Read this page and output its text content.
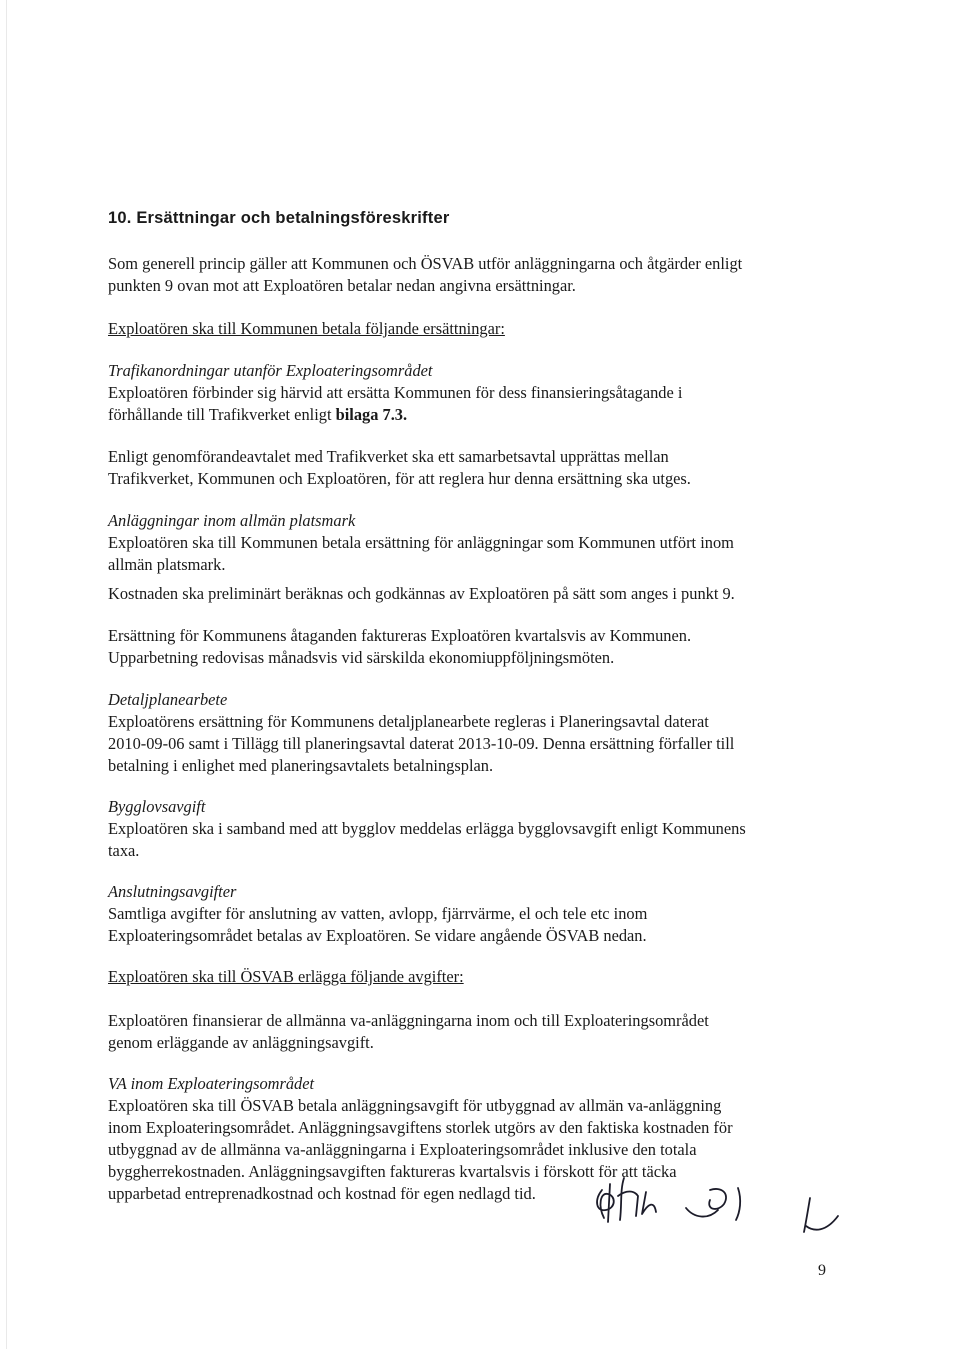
10. Ersättningar och betalningsföreskrifter

Som generell princip gäller att Kommunen och ÖSVAB utför anläggningarna och åtgärder enligt
punkten 9 ovan mot att Exploatören betalar nedan angivna ersättningar.

Exploatören ska till Kommunen betala följande ersättningar:

Trafikanordningar utanför Exploateringsområdet
Exploatören förbinder sig härvid att ersätta Kommunen för dess finansieringsåtagande i
förhållande till Trafikverket enligt bilaga 7.3.

Enligt genomförandeavtalet med Trafikverket ska ett samarbetsavtal upprättas mellan
Trafikverket, Kommunen och Exploatören, för att reglera hur denna ersättning ska utges.

Anläggningar inom allmän platsmark
Exploatören ska till Kommunen betala ersättning för anläggningar som Kommunen utfört inom
allmän platsmark.

Kostnaden ska preliminärt beräknas och godkännas av Exploatören på sätt som anges i punkt 9.

Ersättning för Kommunens åtaganden faktureras Exploatören kvartalsvis av Kommunen.
Upparbetning redovisas månadsvis vid särskilda ekonomiuppföljningsmöten.

Detaljplanearbete
Exploatörens ersättning för Kommunens detaljplanearbete regleras i Planeringsavtal daterat
2010-09-06 samt i Tillägg till planeringsavtal daterat 2013-10-09. Denna ersättning förfaller till
betalning i enlighet med planeringsavtalets betalningsplan.

Bygglovsavgift
Exploatören ska i samband med att bygglov meddelas erlägga bygglovsavgift enligt Kommunens
taxa.

Anslutningsavgifter
Samtliga avgifter för anslutning av vatten, avlopp, fjärrvärme, el och tele etc inom
Exploateringsområdet betalas av Exploatören. Se vidare angående ÖSVAB nedan.

Exploatören ska till ÖSVAB erlägga följande avgifter:

Exploatören finansierar de allmänna va-anläggningarna inom och till Exploateringsområdet
genom erläggande av anläggningsavgift.

VA inom Exploateringsområdet
Exploatören ska till ÖSVAB betala anläggningsavgift för utbyggnad av allmän va-anläggning
inom Exploateringsområdet. Anläggningsavgiftens storlek utgörs av den faktiska kostnaden för
utbyggnad av de allmänna va-anläggningarna i Exploateringsområdet inklusive den totala
byggherrekostnaden. Anläggningsavgiften faktureras kvartalsvis i förskott för att täcka
upparbetad entreprenadkostnad och kostnad för egen nedlagd tid.

9
